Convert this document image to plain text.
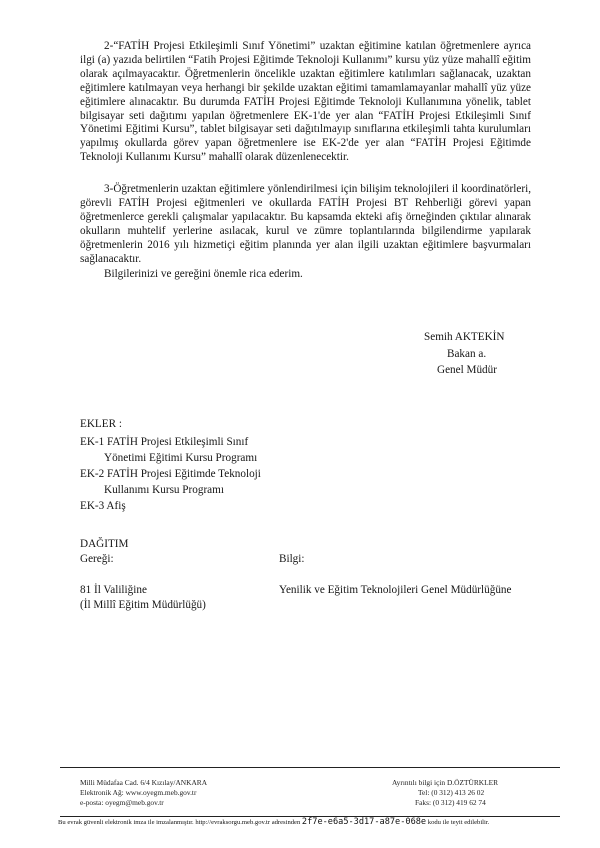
2-“FATİH Projesi Etkileşimli Sınıf Yönetimi” uzaktan eğitimine katılan öğretmenlere ayrıca ilgi (a) yazıda belirtilen “Fatih Projesi Eğitimde Teknoloji Kullanımı” kursu yüz yüze mahallî eğitim olarak açılmayacaktır. Öğretmenlerin öncelikle uzaktan eğitimlere katılımları sağlanacak, uzaktan eğitimlere katılmayan veya herhangi bir şekilde uzaktan eğitimi tamamlamayanlar mahallî yüz yüze eğitimlere alınacaktır. Bu durumda FATİH Projesi Eğitimde Teknoloji Kullanımına yönelik, tablet bilgisayar seti dağıtımı yapılan öğretmenlere EK-1'de yer alan “FATİH Projesi Etkileşimli Sınıf Yönetimi Eğitimi Kursu”, tablet bilgisayar seti dağıtılmayıp sınıflarına etkileşimli tahta kurulumları yapılmış okullarda görev yapan öğretmenlere ise EK-2'de yer alan “FATİH Projesi Eğitimde Teknoloji Kullanımı Kursu” mahallî olarak düzenlenecektir.
3-Öğretmenlerin uzaktan eğitimlere yönlendirilmesi için bilişim teknolojileri il koordinatörleri, görevli FATİH Projesi eğitmenleri ve okullarda FATİH Projesi BT Rehberliği görevi yapan öğretmenlerce gerekli çalışmalar yapılacaktır. Bu kapsamda ekteki afiş örneğinden çıktılar alınarak okulların muhtelif yerlerine asılacak, kurul ve zümre toplantılarında bilgilendirme yapılarak öğretmenlerin 2016 yılı hizmetiçi eğitim planında yer alan ilgili uzaktan eğitimlere başvurmaları sağlanacaktır.
Bilgilerinizi ve gereğini önemle rica ederim.
Semih AKTEKİN
Bakan a.
Genel Müdür
EKLER :
EK-1 FATİH Projesi Etkileşimli Sınıf
Yönetimi Eğitimi Kursu Programı
EK-2 FATİH Projesi Eğitimde Teknoloji
Kullanımı Kursu Programı
EK-3 Afiş
DAĞITIM
Gereği:	Bilgi:
81 İl Valiliğine
(İl Millî Eğitim Müdürlüğü)
Yenilik ve Eğitim Teknolojileri Genel Müdürlüğüne
Milli Müdafaa Cad. 6/4 Kızılay/ANKARA
Elektronik Ağ: www.oyegm.meb.gov.tr
e-posta: oyegm@meb.gov.tr
Ayrıntılı bilgi için D.ÖZTÜRKLER
Tel: (0 312) 413 26 02
Faks: (0 312) 419 62 74
Bu evrak güvenli elektronik imza ile imzalanmıştır. http://evraksorgu.meb.gov.tr adresinden 2f7e-e6a5-3d17-a87e-068e kodu ile teyit edilebilir.
